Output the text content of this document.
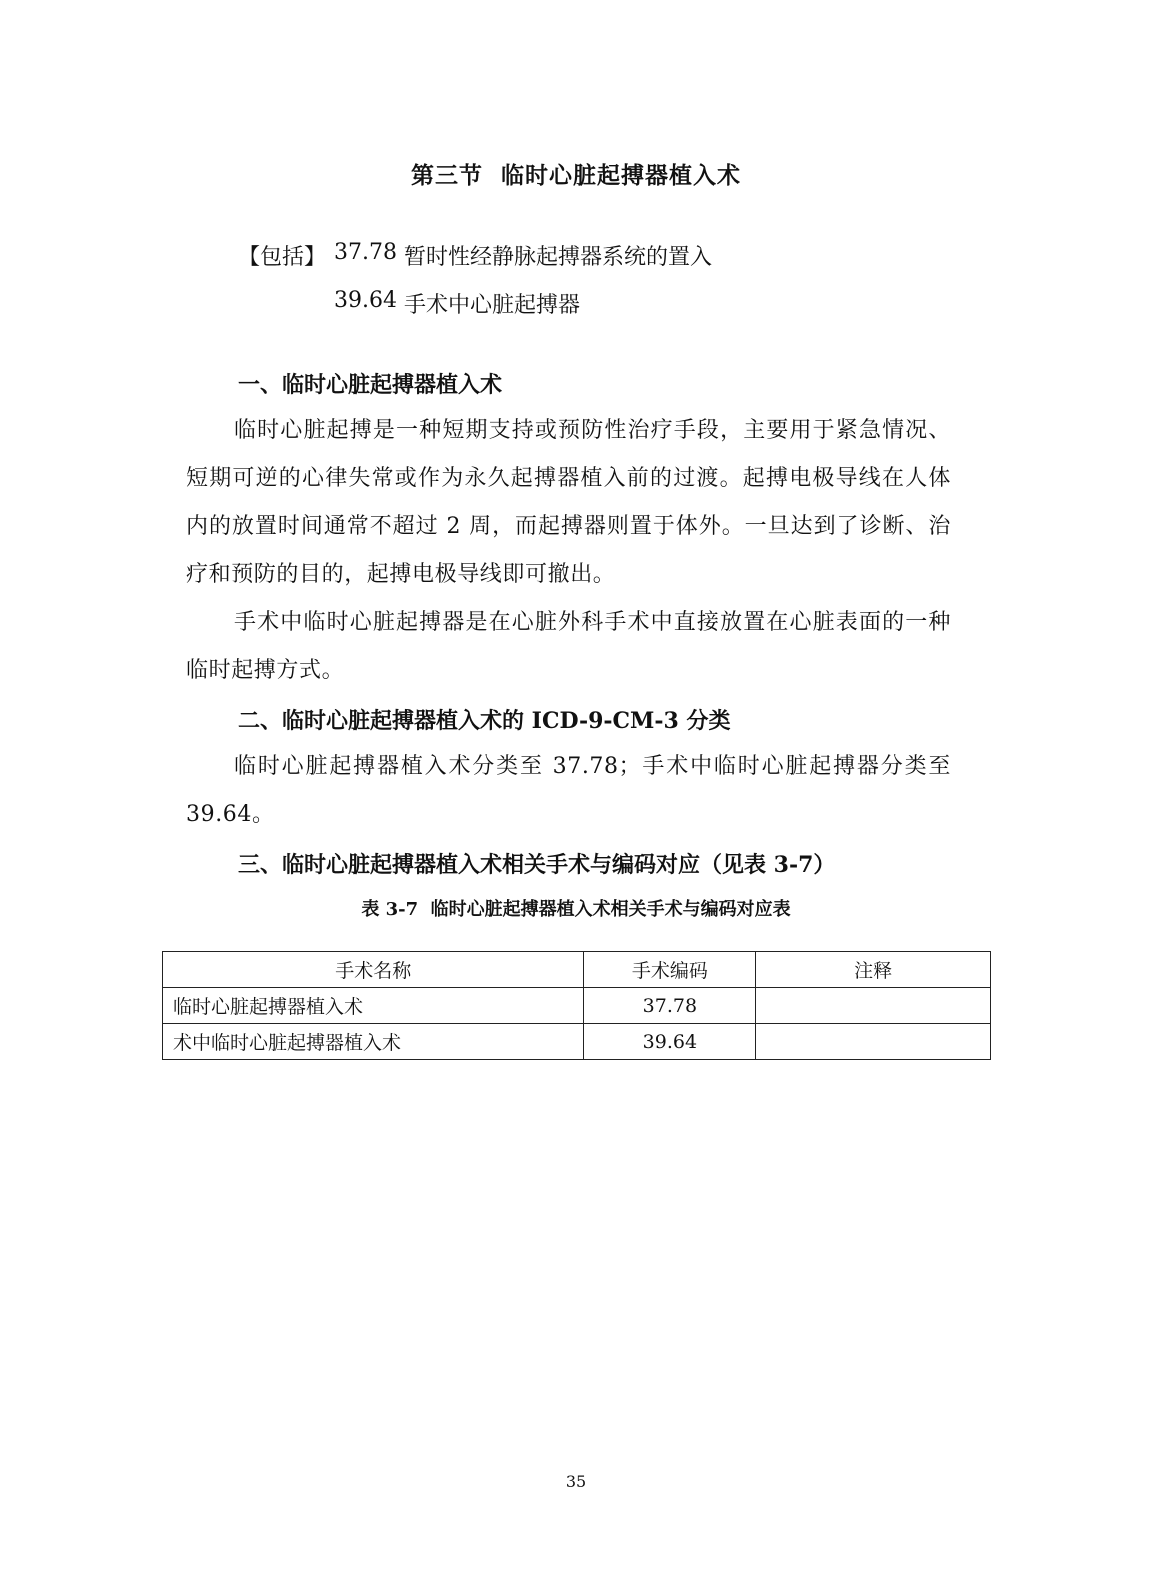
第三节  临时心脏起搏器植入术
【包括】 37.78 暂时性经静脉起搏器系统的置入
39.64 手术中心脏起搏器
一、临时心脏起搏器植入术

临时心脏起搏是一种短期支持或预防性治疗手段，主要用于紧急情况、短期可逆的心律失常或作为永久起搏器植入前的过渡。起搏电极导线在人体内的放置时间通常不超过 2 周，而起搏器则置于体外。一旦达到了诊断、治疗和预防的目的，起搏电极导线即可撤出。

手术中临时心脏起搏器是在心脏外科手术中直接放置在心脏表面的一种临时起搏方式。

二、临时心脏起搏器植入术的 ICD-9-CM-3 分类

临时心脏起搏器植入术分类至 37.78；手术中临时心脏起搏器分类至 39.64。

三、临时心脏起搏器植入术相关手术与编码对应（见表 3-7）
表 3-7  临时心脏起搏器植入术相关手术与编码对应表
手术名称	手术编码	注释
临时心脏起搏器植入术	37.78	
术中临时心脏起搏器植入术	39.64	
35
